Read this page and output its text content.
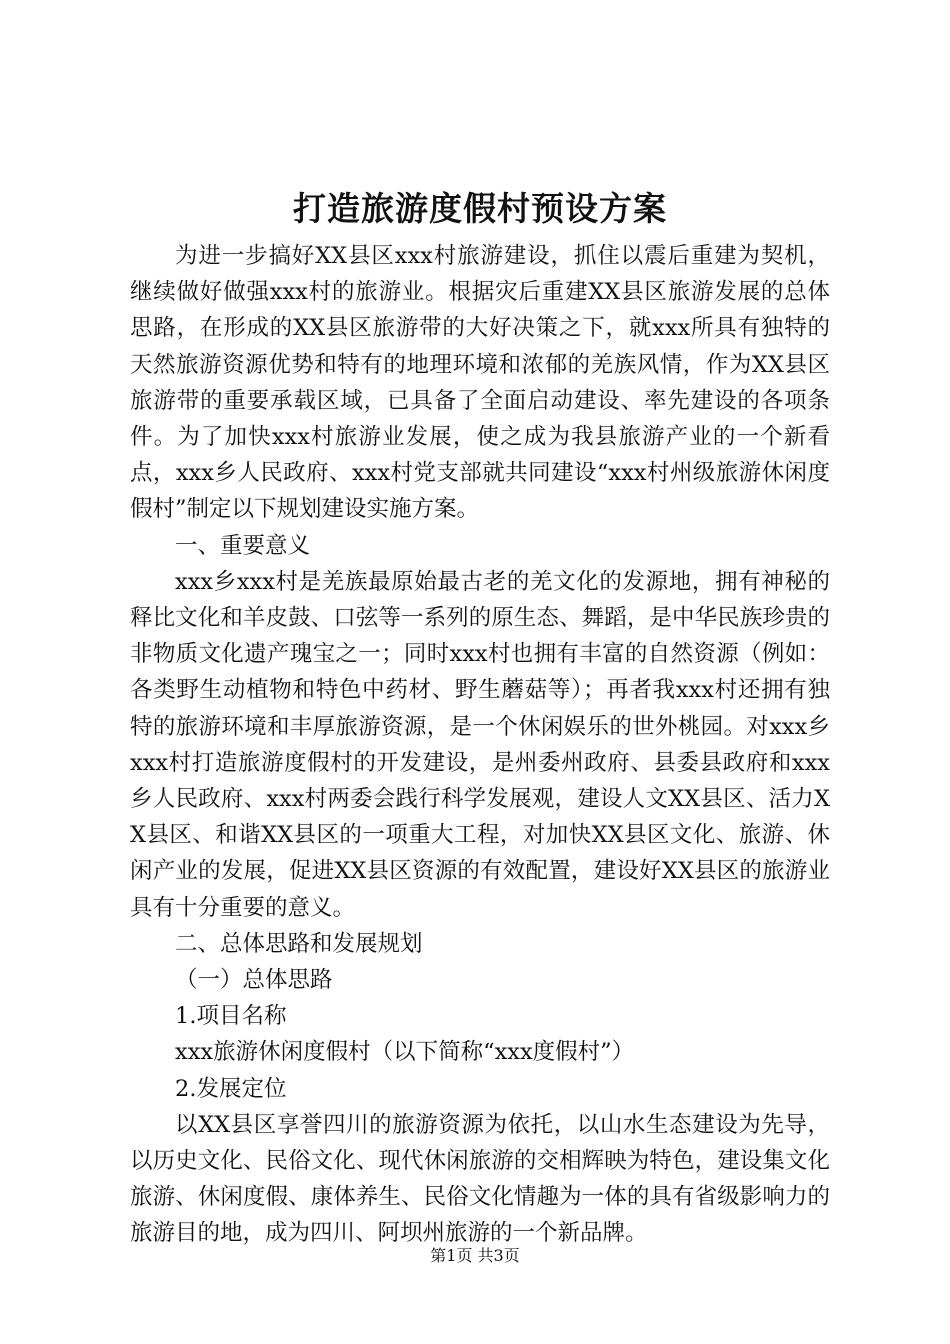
打造旅游度假村预设方案

为进一步搞好XX县区xxx村旅游建设，抓住以震后重建为契机，继续做好做强xxx村的旅游业。根据灾后重建XX县区旅游发展的总体思路，在形成的XX县区旅游带的大好决策之下，就xxx所具有独特的天然旅游资源优势和特有的地理环境和浓郁的羌族风情，作为XX县区旅游带的重要承载区域，已具备了全面启动建设、率先建设的各项条件。为了加快xxx村旅游业发展，使之成为我县旅游产业的一个新看点，xxx乡人民政府、xxx村党支部就共同建设“xxx村州级旅游休闲度假村”制定以下规划建设实施方案。

一、重要意义

xxx乡xxx村是羌族最原始最古老的羌文化的发源地，拥有神秘的释比文化和羊皮鼓、口弦等一系列的原生态、舞蹈，是中华民族珍贵的非物质文化遗产瑰宝之一；同时xxx村也拥有丰富的自然资源（例如：各类野生动植物和特色中药材、野生蘑菇等）；再者我xxx村还拥有独特的旅游环境和丰厚旅游资源，是一个休闲娱乐的世外桃园。对xxx乡xxx村打造旅游度假村的开发建设，是州委州政府、县委县政府和xxx乡人民政府、xxx村两委会践行科学发展观，建设人文XX县区、活力XX县区、和谐XX县区的一项重大工程，对加快XX县区文化、旅游、休闲产业的发展，促进XX县区资源的有效配置，建设好XX县区的旅游业具有十分重要的意义。

二、总体思路和发展规划

（一）总体思路

1.项目名称

xxx旅游休闲度假村（以下简称“xxx度假村”）

2.发展定位

以XX县区享誉四川的旅游资源为依托，以山水生态建设为先导，以历史文化、民俗文化、现代休闲旅游的交相辉映为特色，建设集文化旅游、休闲度假、康体养生、民俗文化情趣为一体的具有省级影响力的旅游目的地，成为四川、阿坝州旅游的一个新品牌。

第1页 共3页
